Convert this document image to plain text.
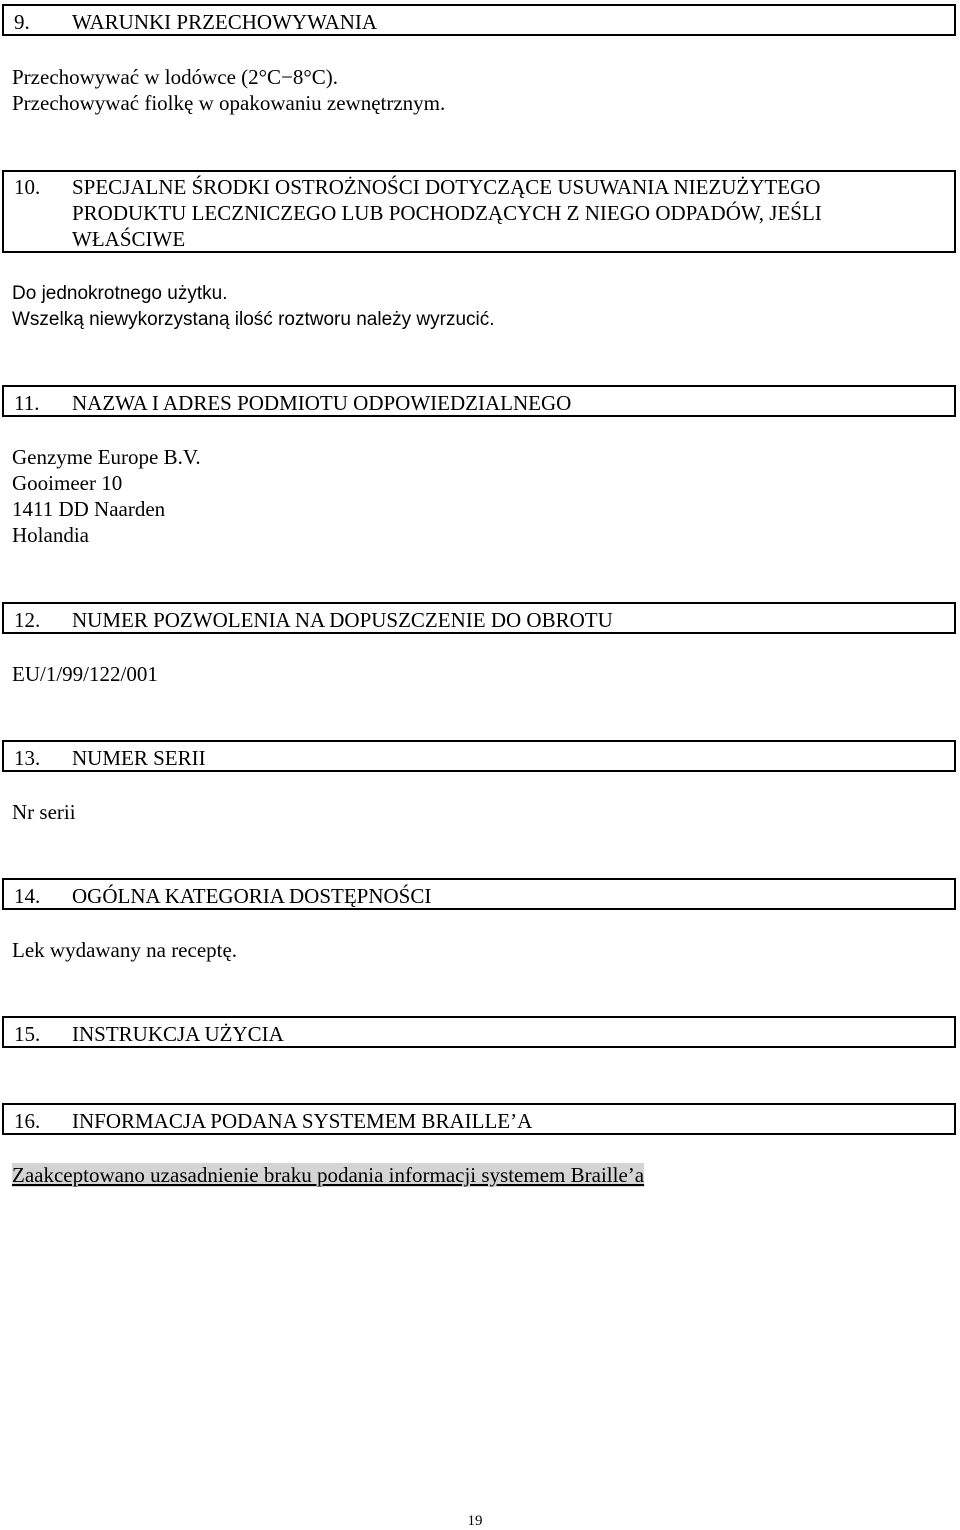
9. WARUNKI PRZECHOWYWANIA
Przechowywać w lodówce (2°C−8°C).
Przechowywać fiolkę w opakowaniu zewnętrznym.
10. SPECJALNE ŚRODKI OSTROŻNOŚCI DOTYCZĄCE USUWANIA NIEZUŻYTEGO
PRODUKTU LECZNICZEGO LUB POCHODZĄCYCH Z NIEGO ODPADÓW, JEŚLI
WŁAŚCIWE
Do jednokrotnego użytku.
Wszelką niewykorzystaną ilość roztworu należy wyrzucić.
11. NAZWA I ADRES PODMIOTU ODPOWIEDZIALNEGO
Genzyme Europe B.V.
Gooimeer 10
1411 DD Naarden
Holandia
12. NUMER POZWOLENIA NA DOPUSZCZENIE DO OBROTU
EU/1/99/122/001
13. NUMER SERII
Nr serii
14. OGÓLNA KATEGORIA DOSTĘPNOŚCI
Lek wydawany na receptę.
15. INSTRUKCJA UŻYCIA
16. INFORMACJA PODANA SYSTEMEM BRAILLE’A
Zaakceptowano uzasadnienie braku podania informacji systemem Braille’a
19
